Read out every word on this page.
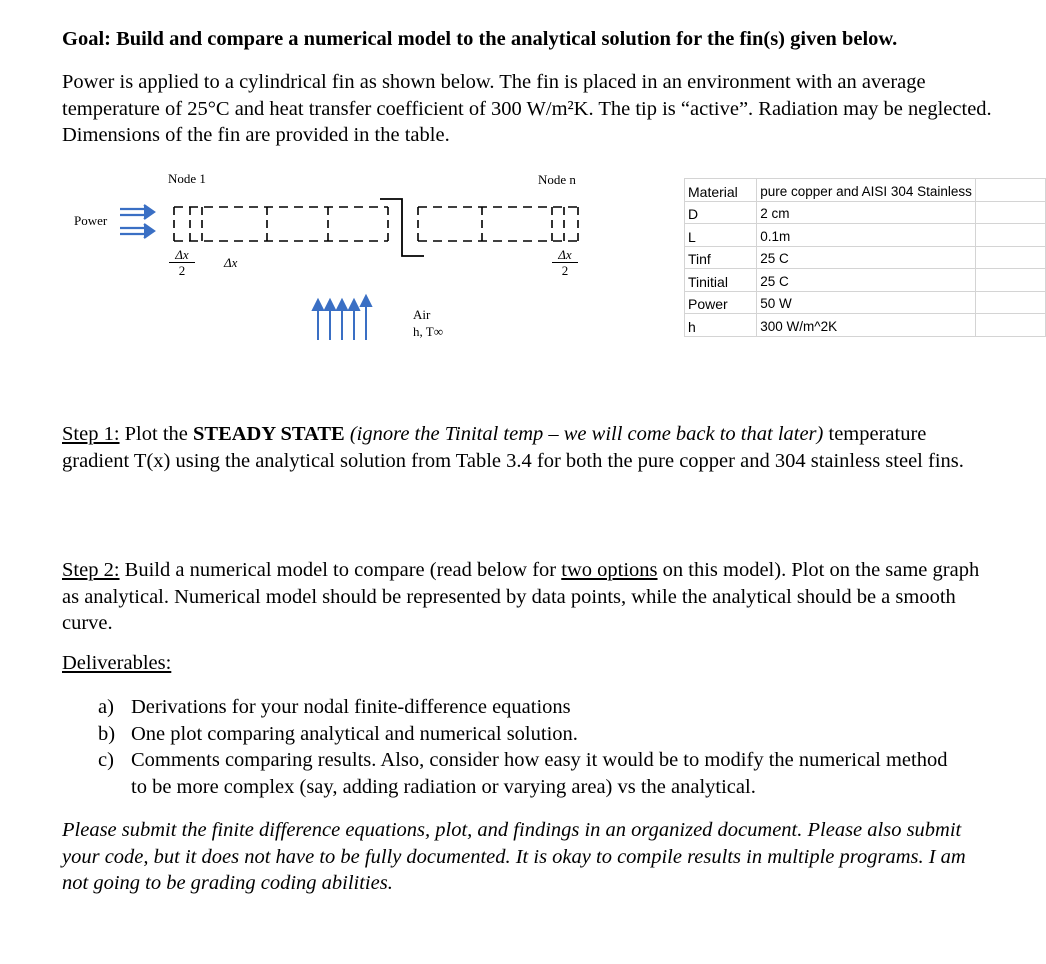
Goal: Build and compare a numerical model to the analytical solution for the fin(s) given below.

Power is applied to a cylindrical fin as shown below. The fin is placed in an environment with an average temperature of 25°C and heat transfer coefficient of 300 W/m²K. The tip is “active”. Radiation may be neglected. Dimensions of the fin are provided in the table.

Power
Node 1	Node n
$\frac{\Delta x}{2}$ Δx	$\frac{\Delta x}{2}$
Air
h, T∞
Material	pure copper and AISI 304 Stainless	
D	2 cm	
L	0.1m	
Tinf	25 C	
Tinitial	25 C	
Power	50 W	
h	300 W/m^2K	

Step 1: Plot the STEADY STATE (ignore the Tinital temp – we will come back to that later) temperature gradient T(x) using the analytical solution from Table 3.4 for both the pure copper and 304 stainless steel fins.

Step 2: Build a numerical model to compare (read below for two options on this model). Plot on the same graph as analytical. Numerical model should be represented by data points, while the analytical should be a smooth curve.

Deliverables:

a) Derivations for your nodal finite-difference equations
b) One plot comparing analytical and numerical solution.
c) Comments comparing results. Also, consider how easy it would be to modify the numerical method to be more complex (say, adding radiation or varying area) vs the analytical.

Please submit the finite difference equations, plot, and findings in an organized document. Please also submit your code, but it does not have to be fully documented. It is okay to compile results in multiple programs. I am not going to be grading coding abilities.
